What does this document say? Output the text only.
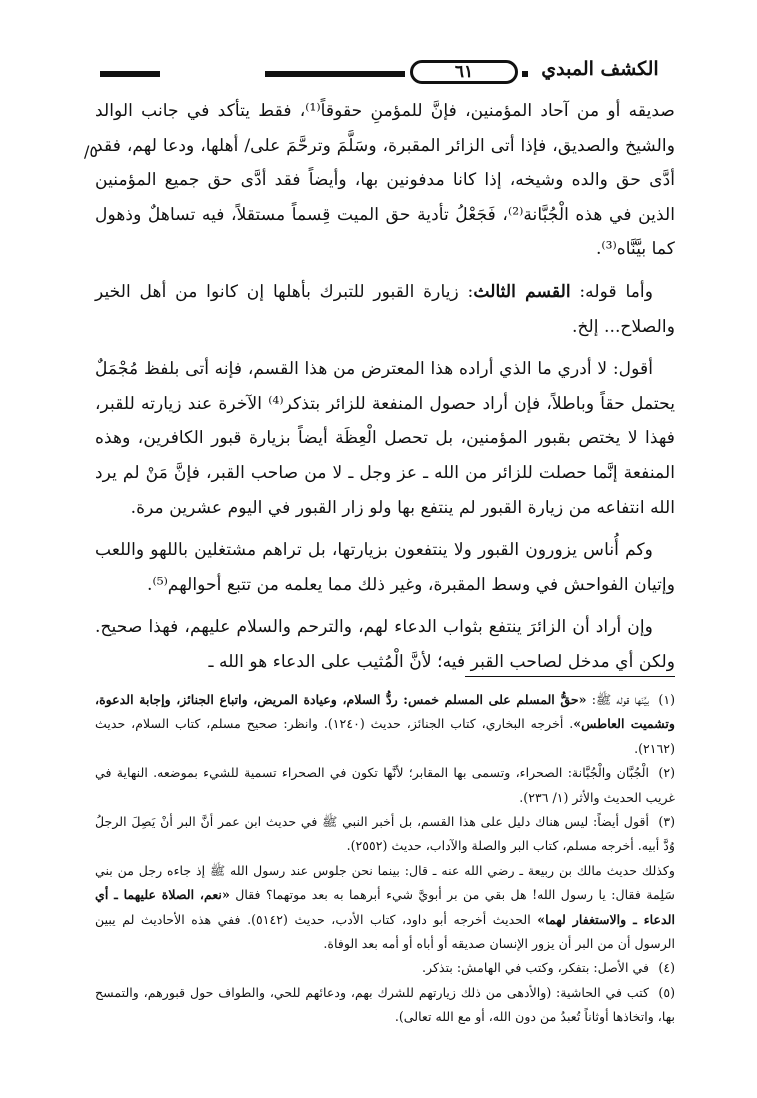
الكشف المبدي
٦١
٥/

صديقه أو من آحاد المؤمنين، فإنَّ للمؤمنِ حقوقاً⁽¹⁾، فقط يتأكد في جانب الوالد والشيخ والصديق، فإذا أتى الزائر المقبرة، وسَلَّمَ وترحَّمَ على/ أهلها، ودعا لهم، فقد أدَّى حق والده وشيخه، إذا كانا مدفونين بها، وأيضاً فقد أدَّى حق جميع المؤمنين الذين في هذه الْجُبَّانة⁽²⁾، فَجَعْلُ تأدية حق الميت قِسماً مستقلاً، فيه تساهلٌ وذهول كما بيَّنَّاه⁽³⁾.

وأما قوله: القسم الثالث: زيارة القبور للتبرك بأهلها إن كانوا من أهل الخير والصلاح... إلخ.

أقول: لا أدري ما الذي أراده هذا المعترض من هذا القسم، فإنه أتى بلفظ مُجْمَلٌ يحتمل حقاً وباطلاً، فإن أراد حصول المنفعة للزائر بتذكر⁽⁴⁾ الآخرة عند زيارته للقبر، فهذا لا يختص بقبور المؤمنين، بل تحصل الْعِظَة أيضاً بزيارة قبور الكافرين، وهذه المنفعة إنَّما حصلت للزائر من الله ـ عز وجل ـ لا من صاحب القبر، فإنَّ مَنْ لم يرد الله انتفاعه من زيارة القبور لم ينتفع بها ولو زار القبور في اليوم عشرين مرة.

وكم أُناس يزورون القبور ولا ينتفعون بزيارتها، بل تراهم مشتغلين باللهو واللعب وإتيان الفواحش في وسط المقبرة، وغير ذلك مما يعلمه من تتبع أحوالهم⁽⁵⁾.

وإن أراد أن الزائرَ ينتفع بثواب الدعاء لهم، والترحم والسلام عليهم، فهذا صحيح. ولكن أي مدخل لصاحب القبر فيه؛ لأنَّ الْمُثيب على الدعاء هو الله ـ

(١)بيَّنَها قوله ﷺ: «حقُّ المسلم على المسلم خمس: ردُّ السلام، وعيادة المريض، واتباع الجنائز، وإجابة الدعوة، وتشميت العاطس». أخرجه البخاري، كتاب الجنائز، حديث (١٢٤٠). وانظر: صحيح مسلم، كتاب السلام، حديث (٢١٦٢).

(٢)الْجُبَّان والْجُبَّانة: الصحراء، وتسمى بها المقابر؛ لأنَّها تكون في الصحراء تسمية للشيء بموضعه. النهاية في غريب الحديث والأثر (١/ ٢٣٦).

(٣)أقول أيضاً: ليس هناك دليل على هذا القسم، بل أخبر النبي ﷺ في حديث ابن عمر أنَّ البر أنْ يَصِلَ الرجلُ وُدَّ أبيه. أخرجه مسلم، كتاب البر والصلة والآداب، حديث (٢٥٥٢).

وكذلك حديث مالك بن ربيعة ـ رضي الله عنه ـ قال: بينما نحن جلوس عند رسول الله ﷺ إذ جاءه رجل من بني سَلِمة فقال: يا رسول الله! هل بقي من بر أبويَّ شيء أبرهما به بعد موتهما؟ فقال «نعم، الصلاة عليهما ـ أي الدعاء ـ والاستغفار لهما» الحديث أخرجه أبو داود، كتاب الأدب، حديث (٥١٤٢). ففي هذه الأحاديث لم يبين الرسول أن من البر أن يزور الإنسان صديقه أو أباه أو أمه بعد الوفاة.

(٤)في الأصل: بتفكر، وكتب في الهامش: بتذكر.

(٥)كتب في الحاشية: (والأدهى من ذلك زيارتهم للشرك بهم، ودعائهم للحي، والطواف حول قبورهم، والتمسح بها، واتخاذها أوثاناً تُعبدُ من دون الله، أو مع الله تعالى).
